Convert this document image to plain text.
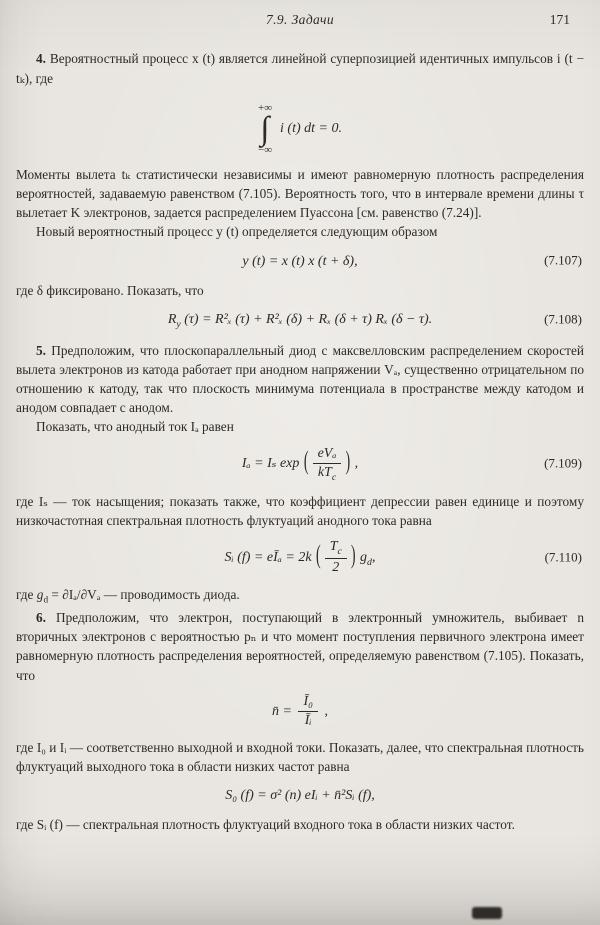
7.9. Задачи	171

4. Вероятностный процесс x (t) является линейной суперпозицией идентичных импульсов i (t − tₖ), где

+∞
∫
−∞
i (t) dt = 0.

Моменты вылета tₖ статистически независимы и имеют равномерную плотность распределения вероятностей, задаваемую равенством (7.105). Вероятность того, что в интервале времени длины τ вылетает K электронов, задается распределением Пуассона [см. равенство (7.24)].

Новый вероятностный процесс y (t) определяется следующим образом

y (t) = x (t) x (t + δ),	(7.107)

где δ фиксировано. Показать, что

$R_y$ (τ) = R²ₓ (τ) + R²ₓ (δ) + Rₓ (δ + τ) Rₓ (δ − τ).	(7.108)

5. Предположим, что плоскопараллельный диод с максвелловским распределением скоростей вылета электронов из катода работает при анодном напряжении Vₐ, существенно отрицательном по отношению к катоду, так что плоскость минимума потенциала в пространстве между катодом и анодом совпадает с анодом.

Показать, что анодный ток Iₐ равен

Iₐ = Iₛ exp ( $\frac{\text{eVₐ}}{kT_c}$ ) ,	(7.109)

где Iₛ — ток насыщения; показать также, что коэффициент депрессии равен единице и поэтому низкочастотная спектральная плотность флуктуаций анодного тока равна

Sᵢ (f) = eĪₐ = 2k ( $\frac{T_c}{2}$ ) $g_d$,	(7.110)

где $g_d = \partial I_a/\partial V_a$ — проводимость диода.

6. Предположим, что электрон, поступающий в электронный умножитель, выбивает n вторичных электронов с вероятностью pₙ и что момент поступления первичного электрона имеет равномерную плотность распределения вероятностей, определяемую равенством (7.105). Показать, что

n̄ = $\frac{\text{Ī₀}}{\text{Īᵢ}}$ ,

где I₀ и Iᵢ — соответственно выходной и входной токи. Показать, далее, что спектральная плотность флуктуаций выходного тока в области низких частот равна

S₀ (f) = σ² (n) eIᵢ + n̄²Sᵢ (f),

где Sᵢ (f) — спектральная плотность флуктуаций входного тока в области низких частот.
